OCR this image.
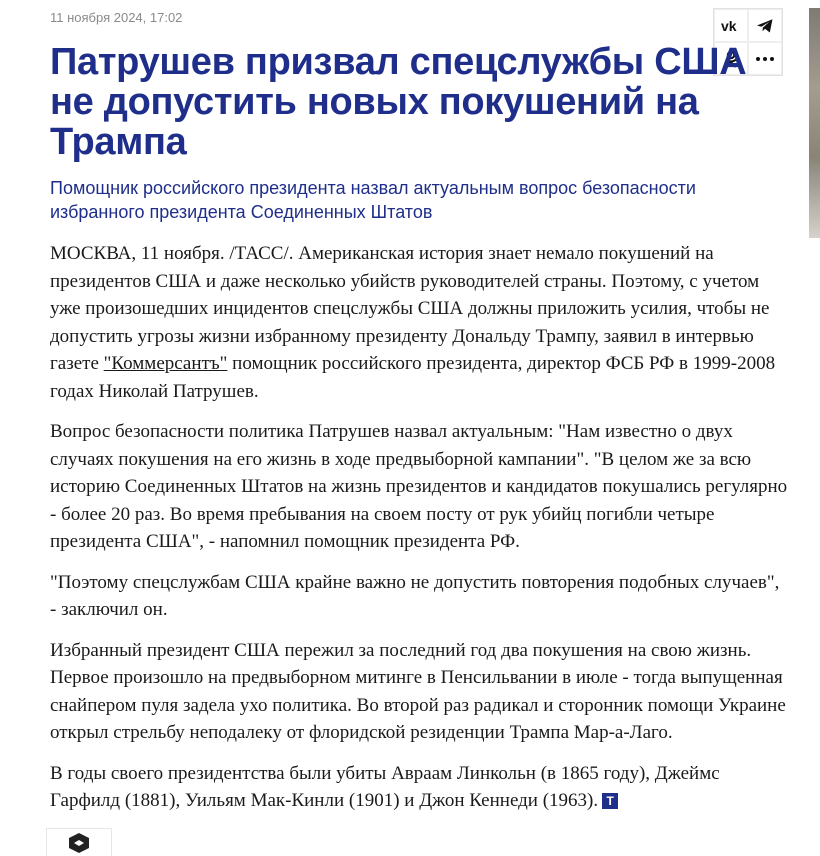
11 ноября 2024, 17:02	vk
Патрушев призвал спецслужбы США не допустить новых покушений на Трампа
Помощник российского президента назвал актуальным вопрос безопасности избранного президента Соединенных Штатов

МОСКВА, 11 ноября. /ТАСС/. Американская история знает немало покушений на президентов США и даже несколько убийств руководителей страны. Поэтому, с учетом уже произошедших инцидентов спецслужбы США должны приложить усилия, чтобы не допустить угрозы жизни избранному президенту Дональду Трампу, заявил в интервью газете "Коммерсантъ" помощник российского президента, директор ФСБ РФ в 1999-2008 годах Николай Патрушев.

Вопрос безопасности политика Патрушев назвал актуальным: "Нам известно о двух случаях покушения на его жизнь в ходе предвыборной кампании". "В целом же за всю историю Соединенных Штатов на жизнь президентов и кандидатов покушались регулярно - более 20 раз. Во время пребывания на своем посту от рук убийц погибли четыре президента США", - напомнил помощник президента РФ.

"Поэтому спецслужбам США крайне важно не допустить повторения подобных случаев", - заключил он.

Избранный президент США пережил за последний год два покушения на свою жизнь. Первое произошло на предвыборном митинге в Пенсильвании в июле - тогда выпущенная снайпером пуля задела ухо политика. Во второй раз радикал и сторонник помощи Украине открыл стрельбу неподалеку от флоридской резиденции Трампа Мар-а-Лаго.

В годы своего президентства были убиты Авраам Линкольн (в 1865 году), Джеймс Гарфилд (1881), Уильям Мак-Кинли (1901) и Джон Кеннеди (1963). Т
